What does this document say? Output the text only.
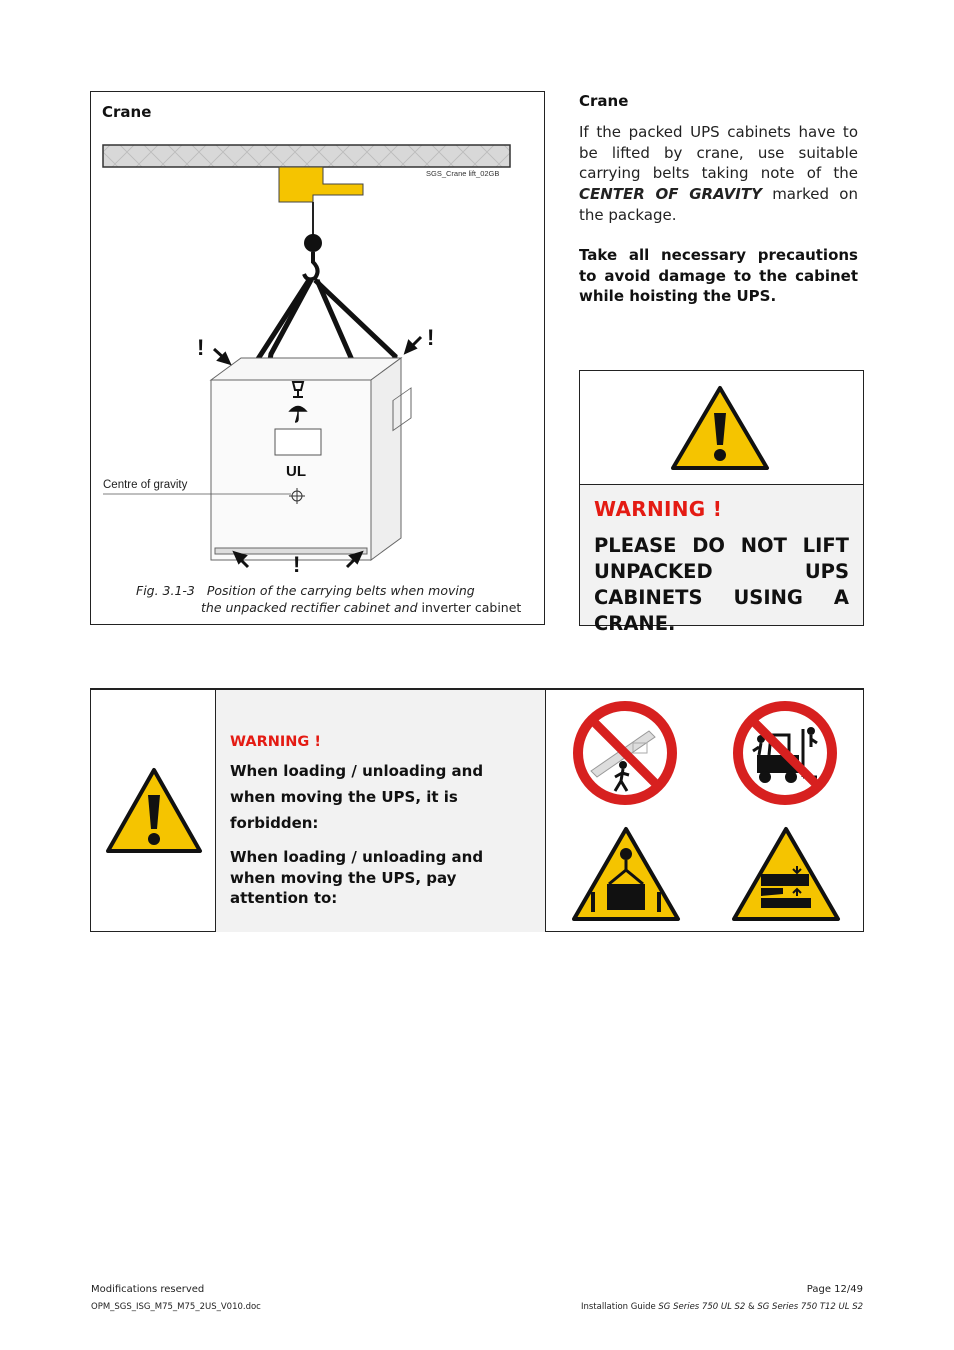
SGS_Crane lift_02GB
UL
Centre of gravity
!	!
!
Crane
Fig. 3.1-3 Position of the carrying belts when moving
the unpacked rectifier cabinet and inverter cabinet
Crane
If the packed UPS cabinets have to be lifted by crane, use suitable carrying belts taking note of the CENTER OF GRAVITY marked on the package.
Take all necessary precautions to avoid damage to the cabinet while hoisting the UPS.
WARNING !
PLEASE DO NOT LIFT
UNPACKED UPS CABINETS USING A CRANE.
WARNING !
When loading / unloading and when moving the UPS, it is forbidden:
When loading / unloading and when moving the UPS, pay attention to:
Modifications reserved
OPM_SGS_ISG_M75_M75_2US_V010.doc
Page 12/49
Installation Guide SG Series 750 UL S2 & SG Series 750 T12 UL S2
